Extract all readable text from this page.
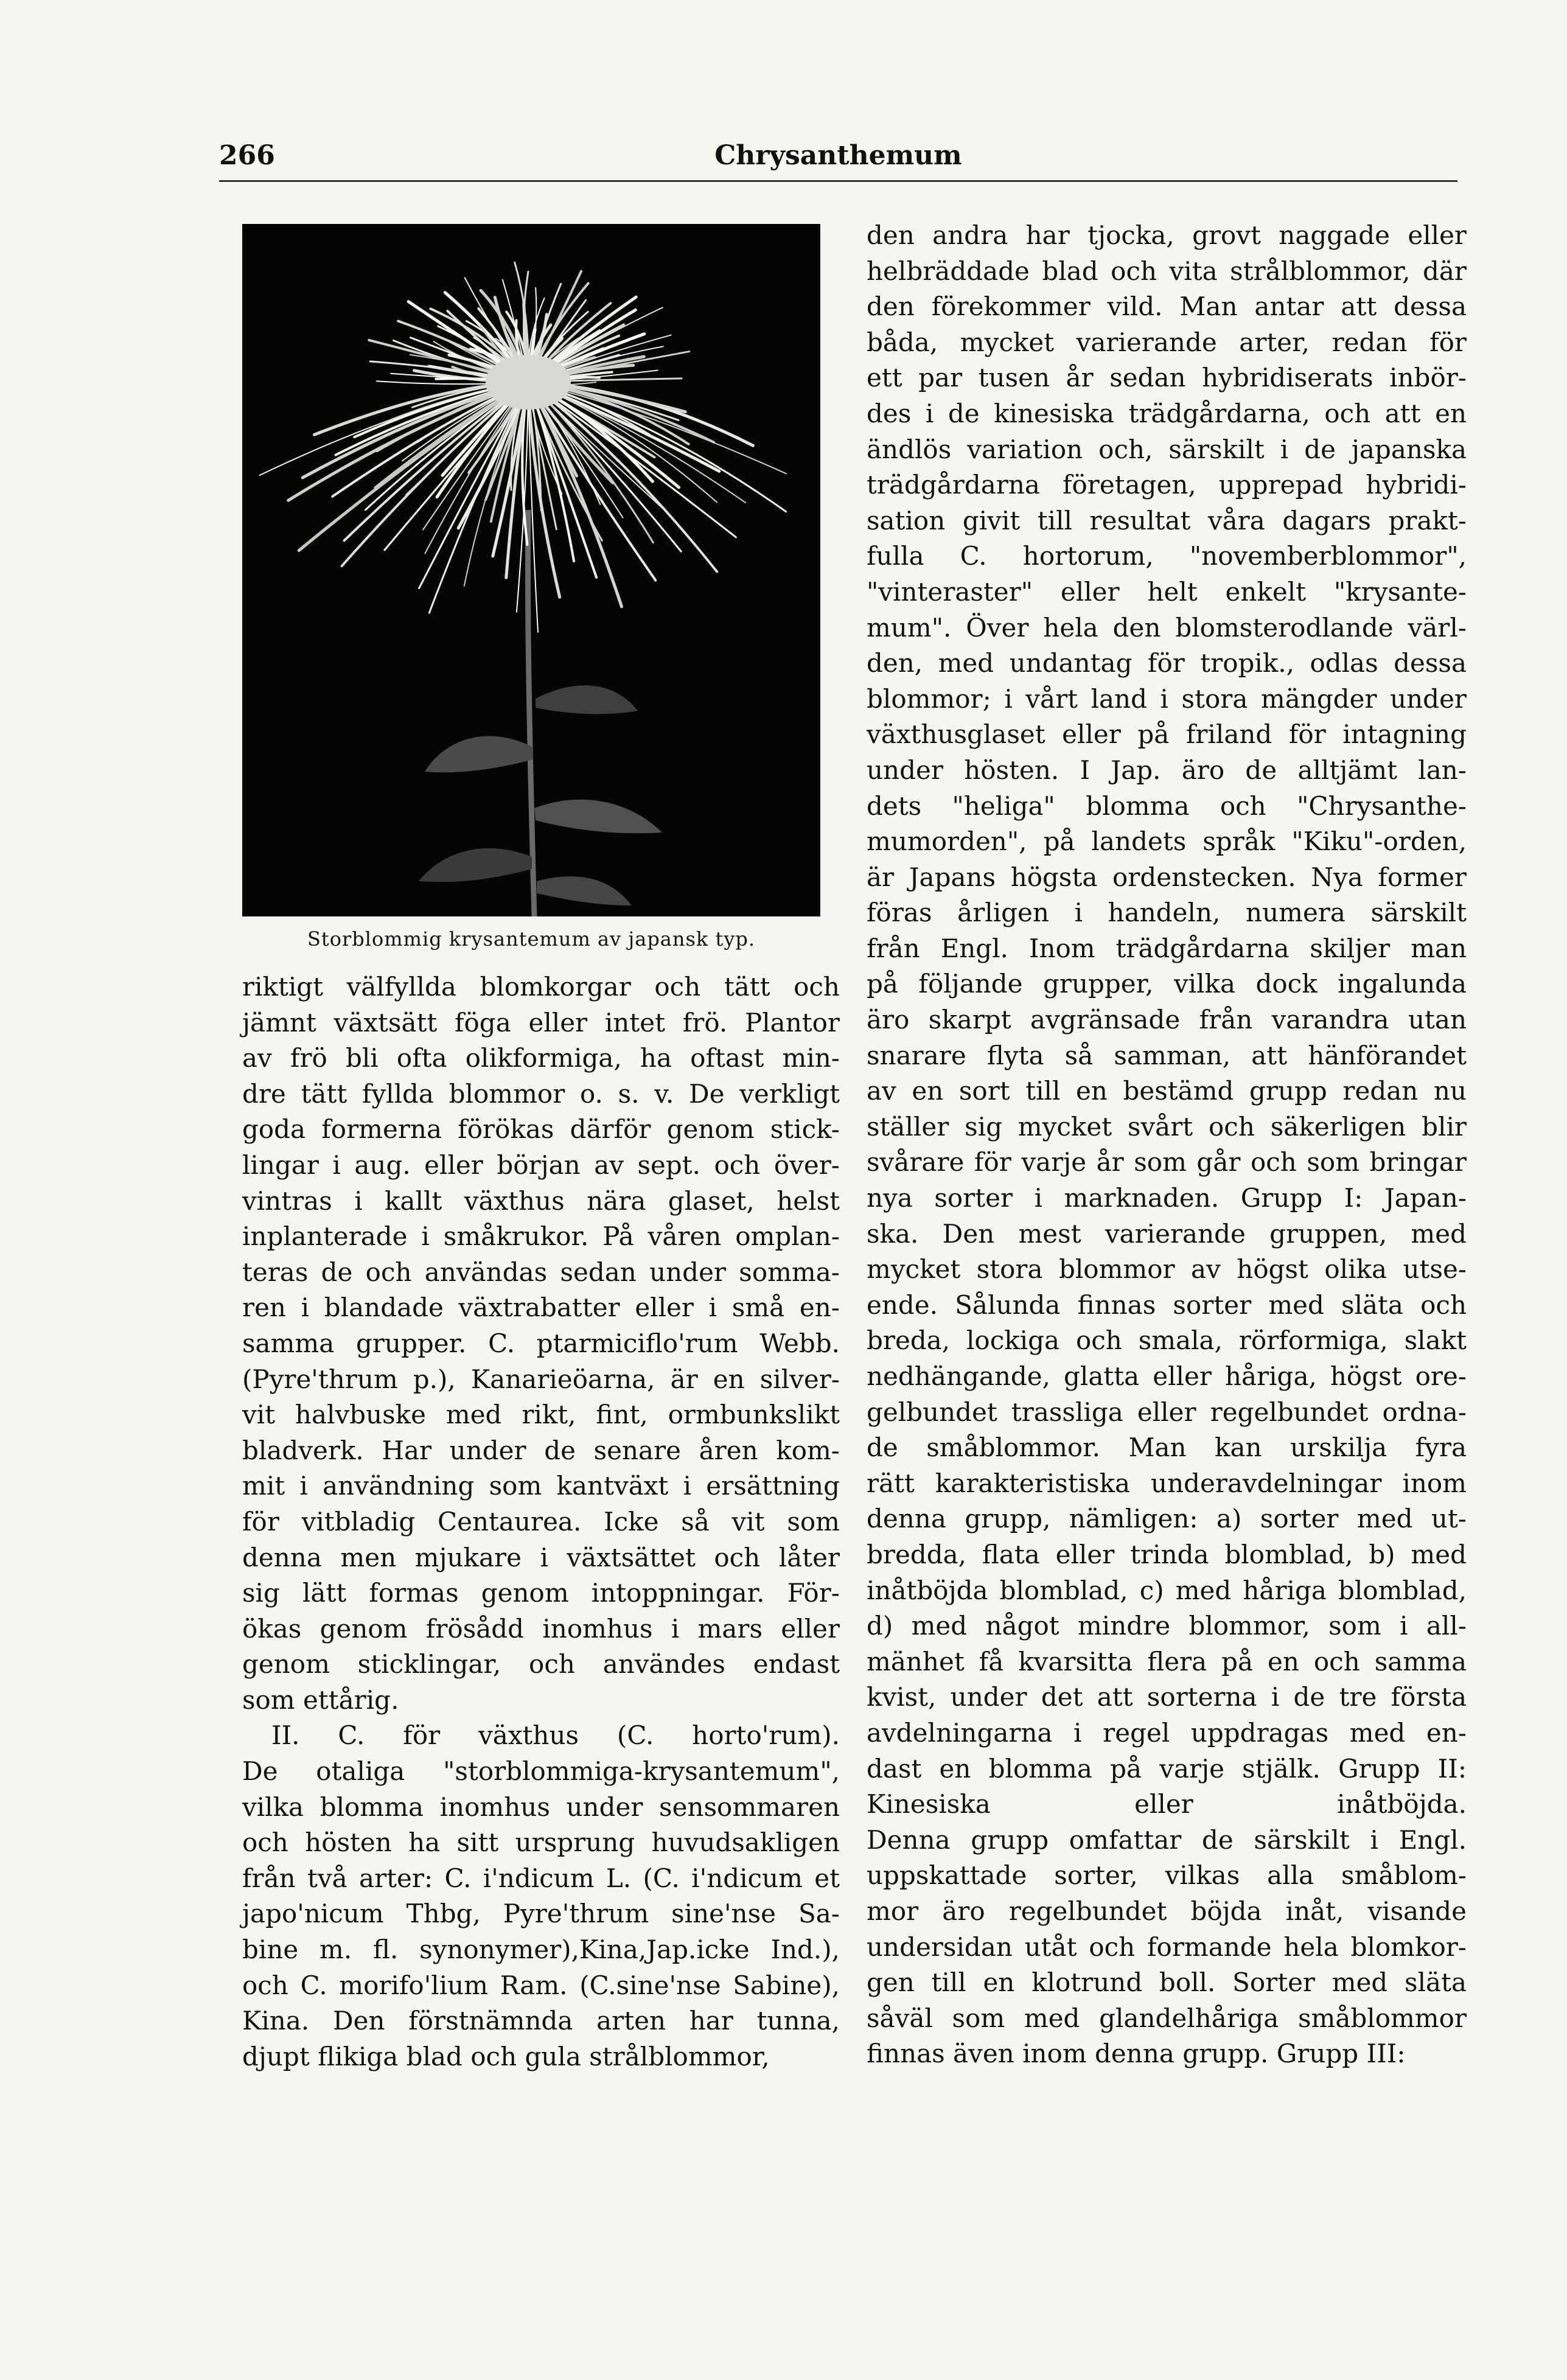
266	Chrysanthemum
Storblommig krysantemum av japansk typ.
riktigt välfyllda blomkorgar och tätt och
jämnt växtsätt föga eller intet frö. Plantor
av frö bli ofta olikformiga, ha oftast min-
dre tätt fyllda blommor o. s. v. De verkligt
goda formerna förökas därför genom stick-
lingar i aug. eller början av sept. och över-
vintras i kallt växthus nära glaset, helst
inplanterade i småkrukor. På våren omplan-
teras de och användas sedan under somma-
ren i blandade växtrabatter eller i små en-
samma grupper. C. ptarmiciflo'rum Webb.
(Pyre'thrum p.), Kanarieöarna, är en silver-
vit halvbuske med rikt, fint, ormbunkslikt
bladverk. Har under de senare åren kom-
mit i användning som kantväxt i ersättning
för vitbladig Centaurea. Icke så vit som
denna men mjukare i växtsättet och låter
sig lätt formas genom intoppningar. För-
ökas genom frösådd inomhus i mars eller
genom sticklingar, och användes endast
som ettårig.
II. C. för växthus (C. horto'rum).
De otaliga "storblommiga-krysantemum",
vilka blomma inomhus under sensommaren
och hösten ha sitt ursprung huvudsakligen
från två arter: C. i'ndicum L. (C. i'ndicum et
japo'nicum Thbg, Pyre'thrum sine'nse Sa-
bine m. fl. synonymer),Kina,Jap.icke Ind.),
och C. morifo'lium Ram. (C.sine'nse Sabine),
Kina. Den förstnämnda arten har tunna,
djupt flikiga blad och gula strålblommor,
den andra har tjocka, grovt naggade eller
helbräddade blad och vita strålblommor, där
den förekommer vild. Man antar att dessa
båda, mycket varierande arter, redan för
ett par tusen år sedan hybridiserats inbör-
des i de kinesiska trädgårdarna, och att en
ändlös variation och, särskilt i de japanska
trädgårdarna företagen, upprepad hybridi-
sation givit till resultat våra dagars prakt-
fulla C. hortorum, "novemberblommor",
"vinteraster" eller helt enkelt "krysante-
mum". Över hela den blomsterodlande värl-
den, med undantag för tropik., odlas dessa
blommor; i vårt land i stora mängder under
växthusglaset eller på friland för intagning
under hösten. I Jap. äro de alltjämt lan-
dets "heliga" blomma och "Chrysanthe-
mumorden", på landets språk "Kiku"-orden,
är Japans högsta ordenstecken. Nya former
föras årligen i handeln, numera särskilt
från Engl. Inom trädgårdarna skiljer man
på följande grupper, vilka dock ingalunda
äro skarpt avgränsade från varandra utan
snarare flyta så samman, att hänförandet
av en sort till en bestämd grupp redan nu
ställer sig mycket svårt och säkerligen blir
svårare för varje år som går och som bringar
nya sorter i marknaden. Grupp I: Japan-
ska. Den mest varierande gruppen, med
mycket stora blommor av högst olika utse-
ende. Sålunda finnas sorter med släta och
breda, lockiga och smala, rörformiga, slakt
nedhängande, glatta eller håriga, högst ore-
gelbundet trassliga eller regelbundet ordna-
de småblommor. Man kan urskilja fyra
rätt karakteristiska underavdelningar inom
denna grupp, nämligen: a) sorter med ut-
bredda, flata eller trinda blomblad, b) med
inåtböjda blomblad, c) med håriga blomblad,
d) med något mindre blommor, som i all-
mänhet få kvarsitta flera på en och samma
kvist, under det att sorterna i de tre första
avdelningarna i regel uppdragas med en-
dast en blomma på varje stjälk. Grupp II:
Kinesiska eller inåtböjda.
Denna grupp omfattar de särskilt i Engl.
uppskattade sorter, vilkas alla småblom-
mor äro regelbundet böjda inåt, visande
undersidan utåt och formande hela blomkor-
gen till en klotrund boll. Sorter med släta
såväl som med glandelhåriga småblommor
finnas även inom denna grupp. Grupp III:
